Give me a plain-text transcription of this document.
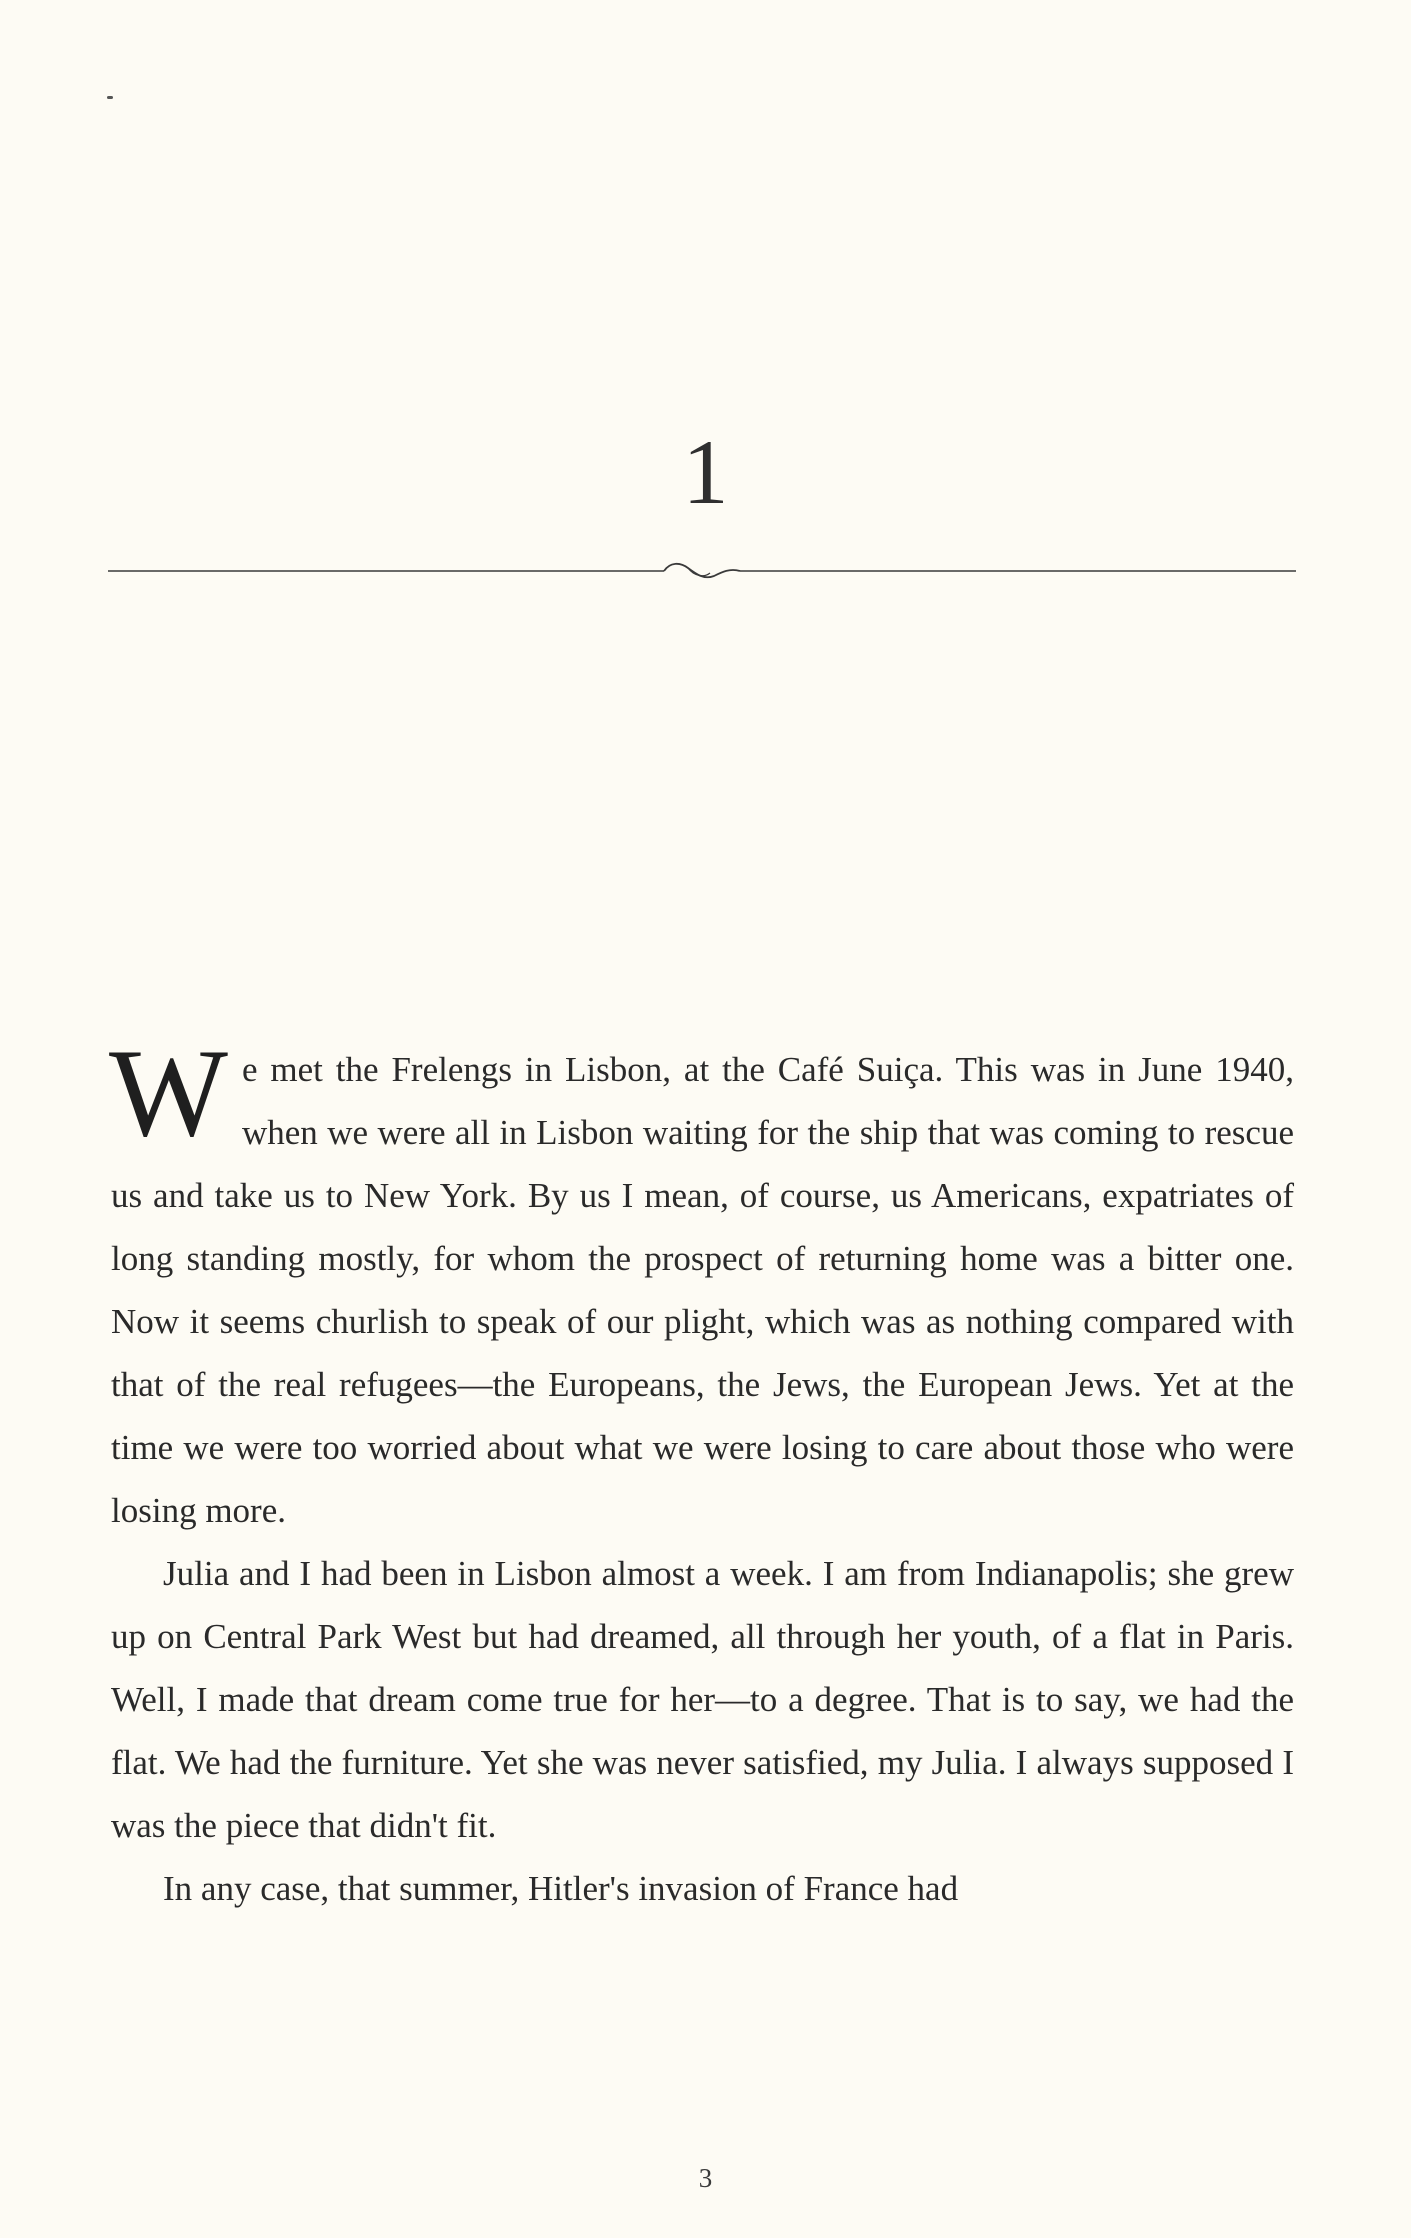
1

We met the Frelengs in Lisbon, at the Café Suiça. This was in June 1940, when we were all in Lisbon waiting for the ship that was coming to rescue us and take us to New York. By us I mean, of course, us Americans, expatriates of long standing mostly, for whom the prospect of returning home was a bitter one. Now it seems churlish to speak of our plight, which was as nothing compared with that of the real refugees—the Europeans, the Jews, the European Jews. Yet at the time we were too worried about what we were losing to care about those who were losing more.

Julia and I had been in Lisbon almost a week. I am from Indianapolis; she grew up on Central Park West but had dreamed, all through her youth, of a flat in Paris. Well, I made that dream come true for her—to a degree. That is to say, we had the flat. We had the furniture. Yet she was never satisfied, my Julia. I always supposed I was the piece that didn't fit.

In any case, that summer, Hitler's invasion of France had

3
